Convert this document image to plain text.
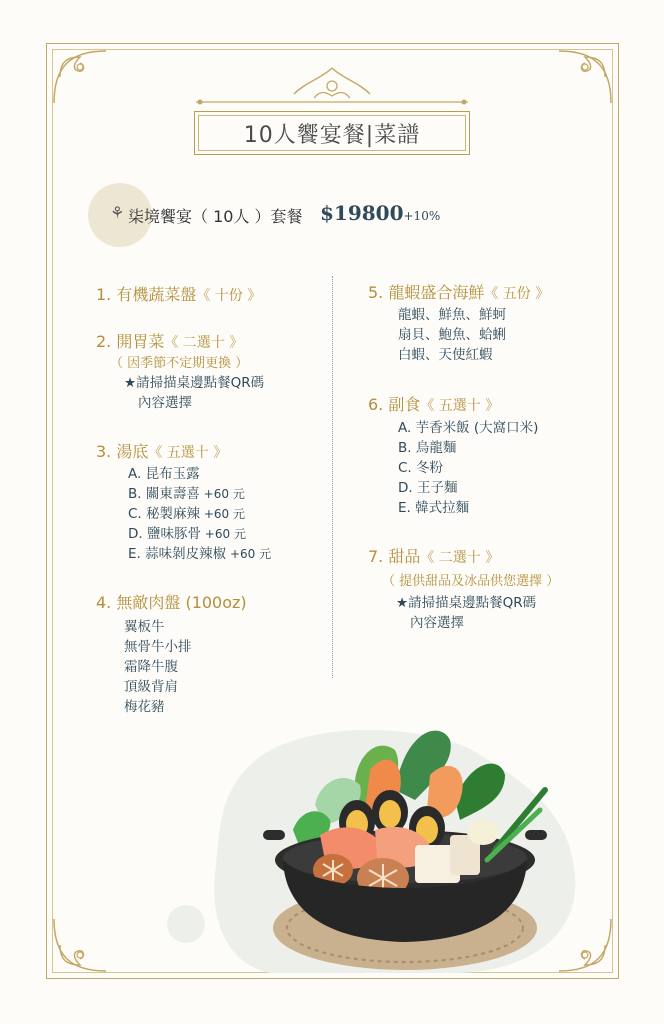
10人饗宴餐|菜譜
⚘ 柒境饗宴（ 10人 ）套餐 $19800+10%
1. 有機蔬菜盤《 十份 》
2. 開胃菜《 二選十 》
（ 因季節不定期更換 ）
★請掃描桌邊點餐QR碼
內容選擇
3. 湯底《 五選十 》
A. 昆布玉露
B. 關東壽喜 +60 元
C. 秘製麻辣 +60 元
D. 鹽味豚骨 +60 元
E. 蒜味剝皮辣椒 +60 元
4. 無敵肉盤 (100oz)
翼板牛
無骨牛小排
霜降牛腹
頂級背肩
梅花豬
5. 龍蝦盛合海鮮《 五份 》
龍蝦、鮮魚、鮮蚵
扇貝、鮑魚、蛤蜊
白蝦、天使紅蝦
6. 副食《 五選十 》
A. 芋香米飯 (大窩口米)
B. 烏龍麵
C. 冬粉
D. 王子麵
E. 韓式拉麵
7. 甜品《 二選十 》
（ 提供甜品及冰品供您選擇 ）
★請掃描桌邊點餐QR碼
內容選擇
